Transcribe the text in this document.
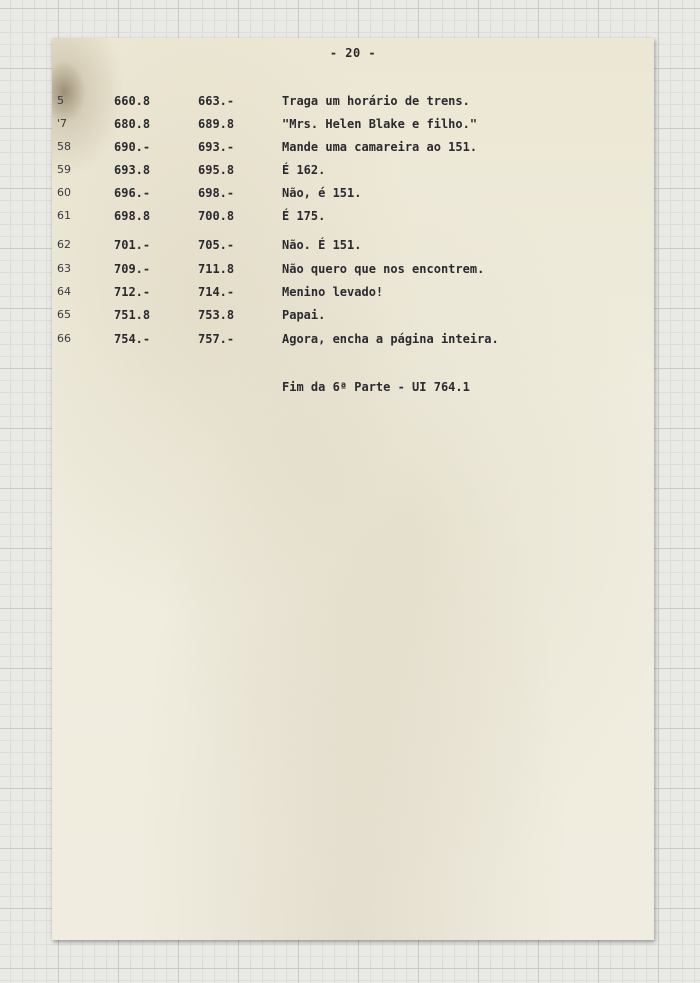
- 20 -
5	660.8	663.-	Traga um horário de trens.
'7	680.8	689.8	"Mrs. Helen Blake e filho."
58	690.-	693.-	Mande uma camareira ao 151.
59	693.8	695.8	É 162.
60	696.-	698.-	Não, é 151.
61	698.8	700.8	É 175.
62	701.-	705.-	Não. É 151.
63	709.-	711.8	Não quero que nos encontrem.
64	712.-	714.-	Menino levado!
65	751.8	753.8	Papai.
66	754.-	757.-	Agora, encha a página inteira.
Fim da 6ª Parte - UI 764.1
